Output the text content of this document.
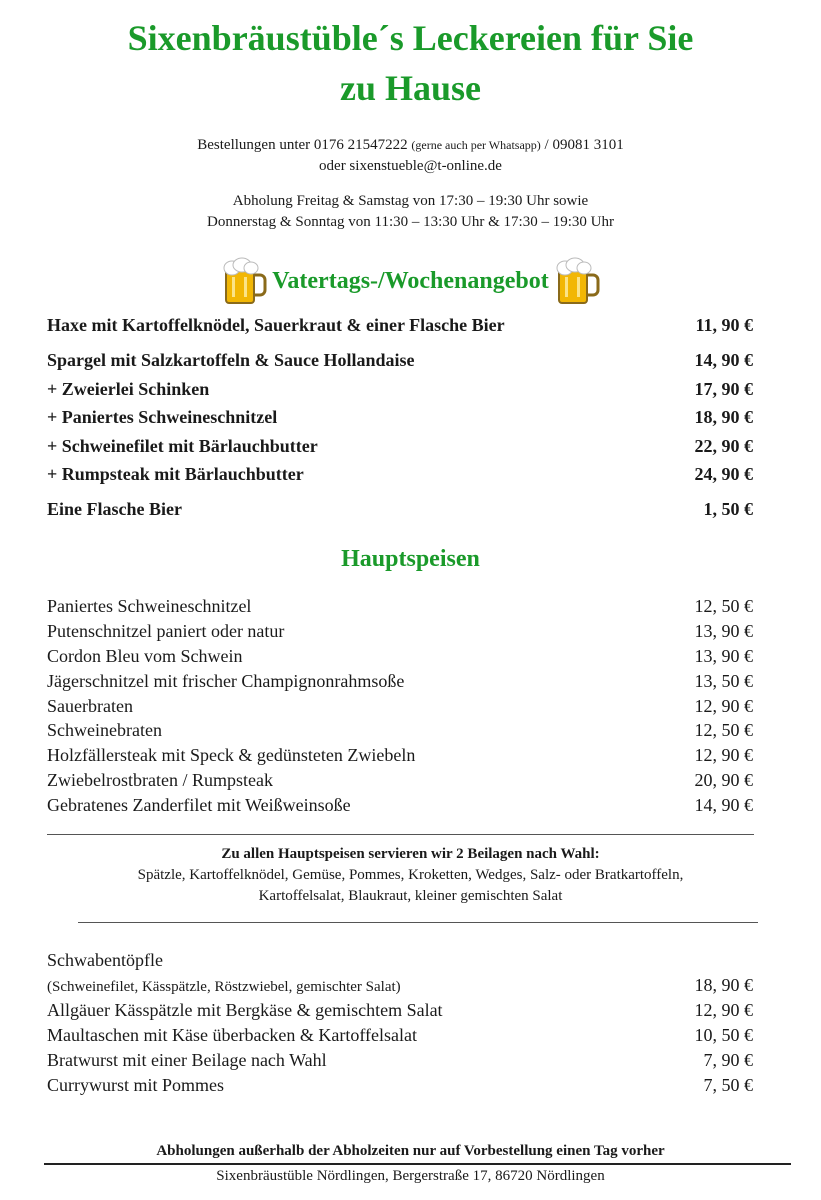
Sixenbräustüble´s Leckereien für Sie
zu Hause
Bestellungen unter 0176 21547222 (gerne auch per Whatsapp) / 09081 3101
oder sixenstueble@t-online.de
Abholung Freitag & Samstag von 17:30 – 19:30 Uhr sowie
Donnerstag & Sonntag von 11:30 – 13:30 Uhr & 17:30 – 19:30 Uhr
Vatertags-/Wochenangebot
Haxe mit Kartoffelknödel, Sauerkraut & einer Flasche Bier	11, 90 €
Spargel mit Salzkartoffeln & Sauce Hollandaise	14, 90 €
+ Zweierlei Schinken	17, 90 €
+ Paniertes Schweineschnitzel	18, 90 €
+ Schweinefilet mit Bärlauchbutter	22, 90 €
+ Rumpsteak mit Bärlauchbutter	24, 90 €
Eine Flasche Bier	1, 50 €
Hauptspeisen
Paniertes Schweineschnitzel	12, 50 €
Putenschnitzel paniert oder natur	13, 90 €
Cordon Bleu vom Schwein	13, 90 €
Jägerschnitzel mit frischer Champignonrahmsoße	13, 50 €
Sauerbraten	12, 90 €
Schweinebraten	12, 50 €
Holzfällersteak mit Speck & gedünsteten Zwiebeln	12, 90 €
Zwiebelrostbraten / Rumpsteak	20, 90 €
Gebratenes Zanderfilet mit Weißweinsoße	14, 90 €
Zu allen Hauptspeisen servieren wir 2 Beilagen nach Wahl:
Spätzle, Kartoffelknödel, Gemüse, Pommes, Kroketten, Wedges, Salz- oder Bratkartoffeln,
Kartoffelsalat, Blaukraut, kleiner gemischten Salat
Schwabentöpfle
(Schweinefilet, Kässpätzle, Röstzwiebel, gemischter Salat)	18, 90 €
Allgäuer Kässpätzle mit Bergkäse & gemischtem Salat	12, 90 €
Maultaschen mit Käse überbacken & Kartoffelsalat	10, 50 €
Bratwurst mit einer Beilage nach Wahl	7, 90 €
Currywurst mit Pommes	7, 50 €
Abholungen außerhalb der Abholzeiten nur auf Vorbestellung einen Tag vorher
Sixenbräustüble Nördlingen, Bergerstraße 17, 86720 Nördlingen
